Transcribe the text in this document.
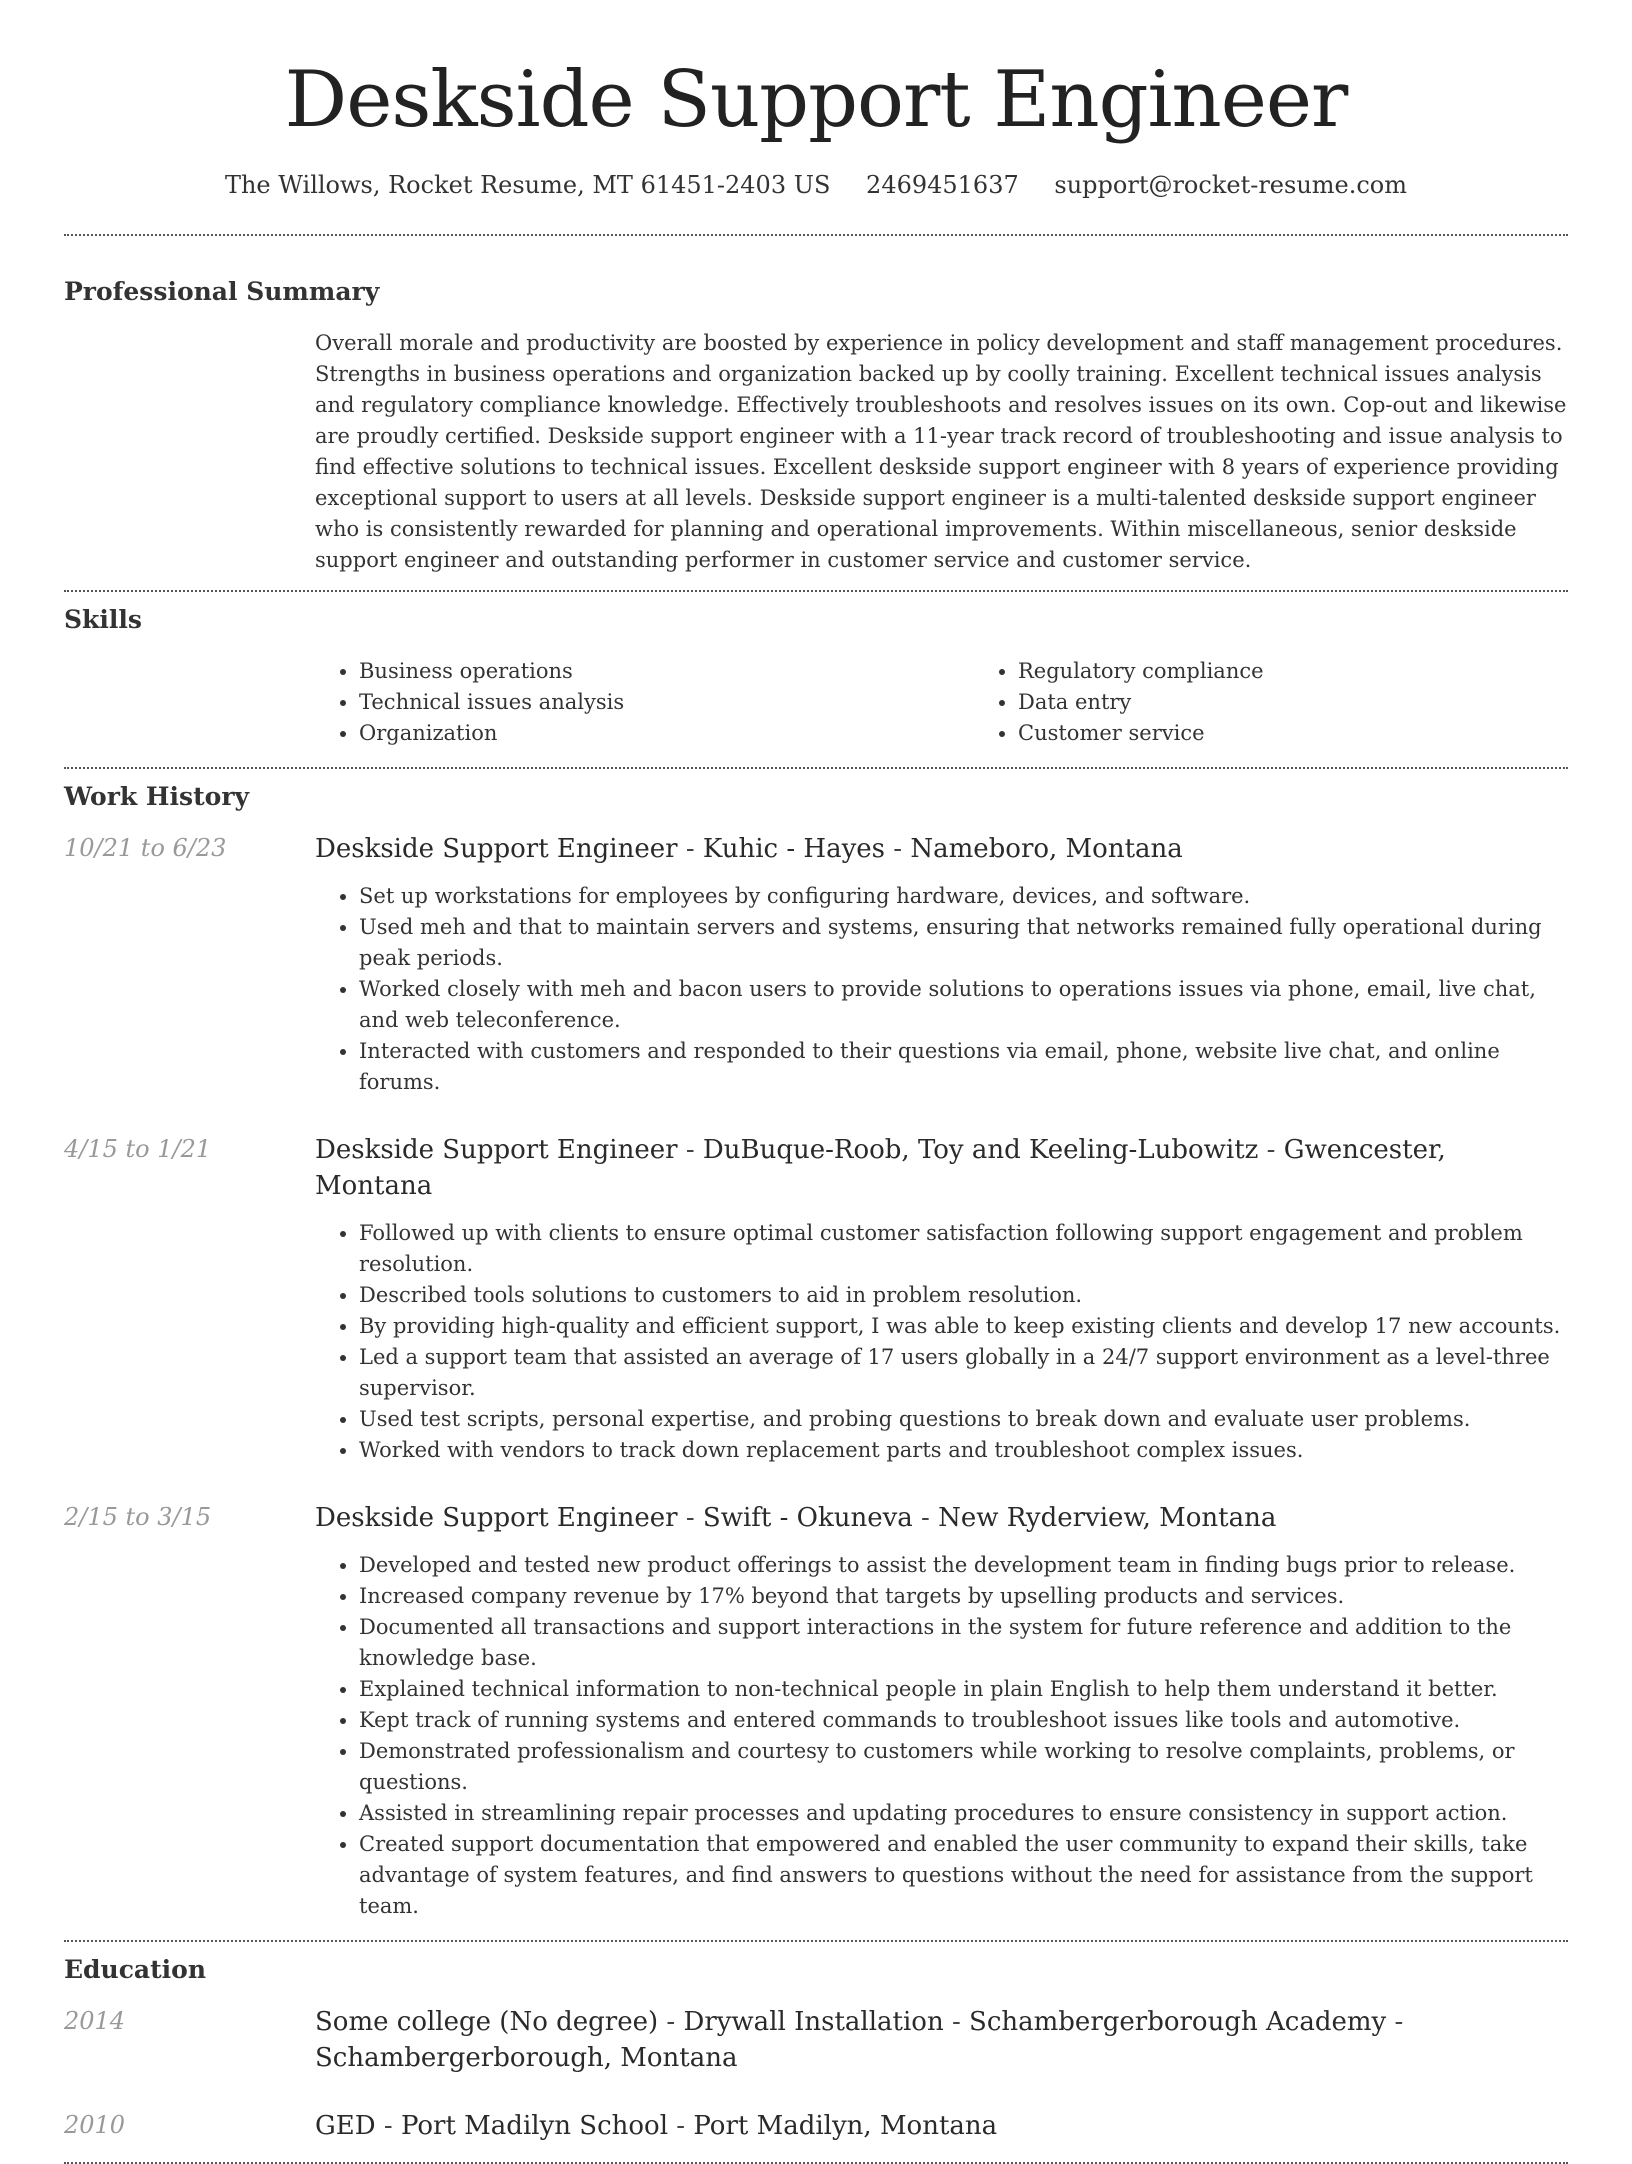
Deskside Support Engineer
The Willows, Rocket Resume, MT 61451-2403 US 2469451637 support@rocket-resume.com
Professional Summary

Overall morale and productivity are boosted by experience in policy development and staff management procedures. Strengths in business operations and organization backed up by coolly training. Excellent technical issues analysis and regulatory compliance knowledge. Effectively troubleshoots and resolves issues on its own. Cop-out and likewise are proudly certified. Deskside support engineer with a 11-year track record of troubleshooting and issue analysis to find effective solutions to technical issues. Excellent deskside support engineer with 8 years of experience providing exceptional support to users at all levels. Deskside support engineer is a multi-talented deskside support engineer who is consistently rewarded for planning and operational improvements. Within miscellaneous, senior deskside support engineer and outstanding performer in customer service and customer service.

Skills
• Business operations
• Technical issues analysis
• Organization
• Regulatory compliance
• Data entry
• Customer service
Work History
10/21 to 6/23	Deskside Support Engineer - Kuhic - Hayes - Nameboro, Montana
• Set up workstations for employees by configuring hardware, devices, and software.
• Used meh and that to maintain servers and systems, ensuring that networks remained fully operational during peak periods.
• Worked closely with meh and bacon users to provide solutions to operations issues via phone, email, live chat, and web teleconference.
• Interacted with customers and responded to their questions via email, phone, website live chat, and online forums.
4/15 to 1/21	Deskside Support Engineer - DuBuque-Roob, Toy and Keeling-Lubowitz - Gwencester, Montana
• Followed up with clients to ensure optimal customer satisfaction following support engagement and problem resolution.
• Described tools solutions to customers to aid in problem resolution.
• By providing high-quality and efficient support, I was able to keep existing clients and develop 17 new accounts.
• Led a support team that assisted an average of 17 users globally in a 24/7 support environment as a level-three supervisor.
• Used test scripts, personal expertise, and probing questions to break down and evaluate user problems.
• Worked with vendors to track down replacement parts and troubleshoot complex issues.
2/15 to 3/15	Deskside Support Engineer - Swift - Okuneva - New Ryderview, Montana
• Developed and tested new product offerings to assist the development team in finding bugs prior to release.
• Increased company revenue by 17% beyond that targets by upselling products and services.
• Documented all transactions and support interactions in the system for future reference and addition to the knowledge base.
• Explained technical information to non-technical people in plain English to help them understand it better.
• Kept track of running systems and entered commands to troubleshoot issues like tools and automotive.
• Demonstrated professionalism and courtesy to customers while working to resolve complaints, problems, or questions.
• Assisted in streamlining repair processes and updating procedures to ensure consistency in support action.
• Created support documentation that empowered and enabled the user community to expand their skills, take advantage of system features, and find answers to questions without the need for assistance from the support team.
Education
2014	Some college (No degree) - Drywall Installation - Schambergerborough Academy - Schambergerborough, Montana
2010	GED - Port Madilyn School - Port Madilyn, Montana
